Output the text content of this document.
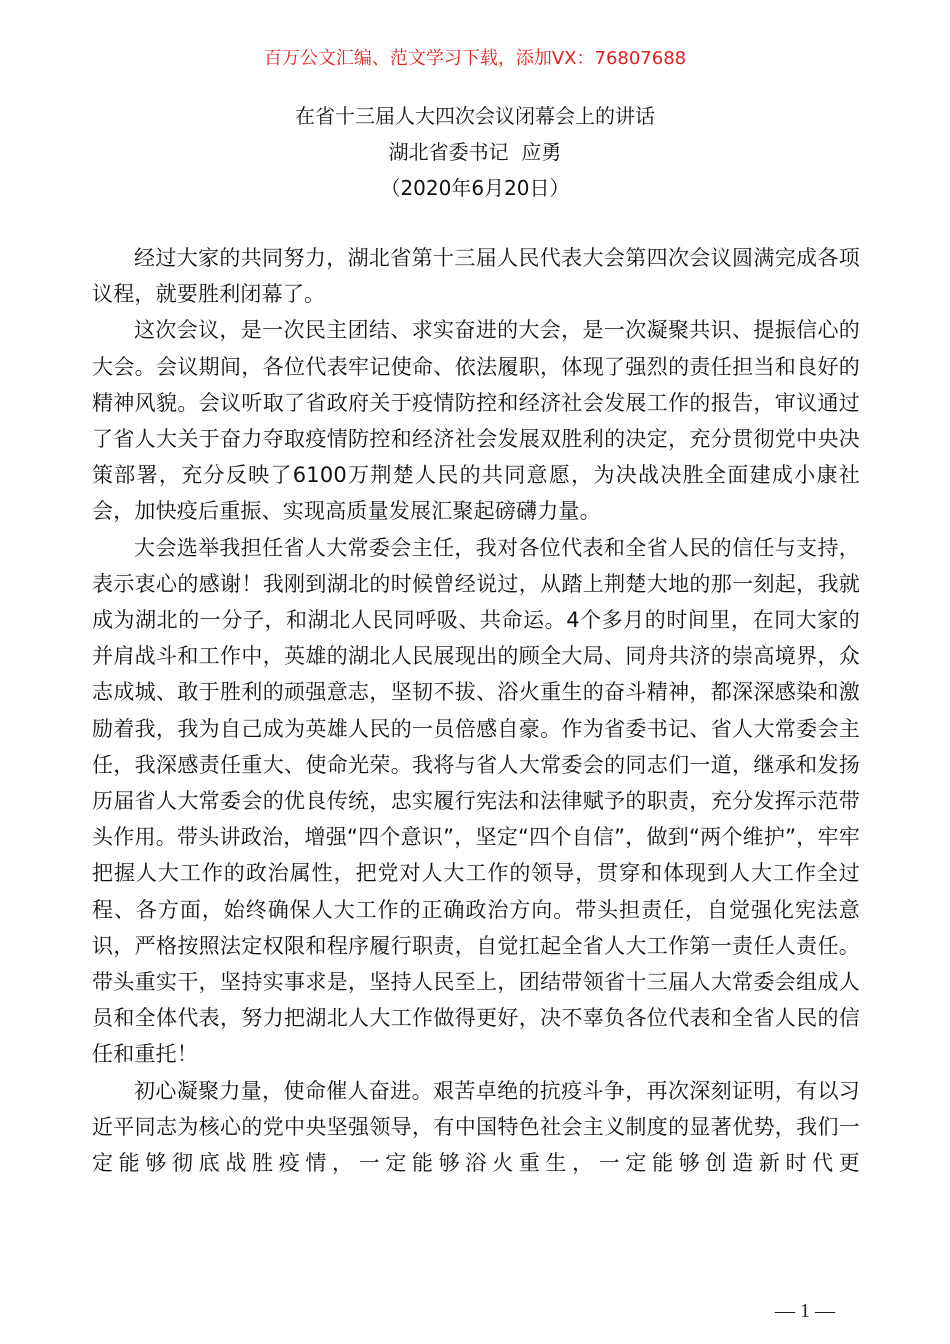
百万公文汇编、范文学习下载，添加VX：76807688
在省十三届人大四次会议闭幕会上的讲话
湖北省委书记  应勇
（2020年6月20日）

经过大家的共同努力，湖北省第十三届人民代表大会第四次会议圆满完成各项议程，就要胜利闭幕了。

这次会议，是一次民主团结、求实奋进的大会，是一次凝聚共识、提振信心的大会。会议期间，各位代表牢记使命、依法履职，体现了强烈的责任担当和良好的精神风貌。会议听取了省政府关于疫情防控和经济社会发展工作的报告，审议通过了省人大关于奋力夺取疫情防控和经济社会发展双胜利的决定，充分贯彻党中央决策部署，充分反映了6100万荆楚人民的共同意愿，为决战决胜全面建成小康社会，加快疫后重振、实现高质量发展汇聚起磅礴力量。

大会选举我担任省人大常委会主任，我对各位代表和全省人民的信任与支持，表示衷心的感谢！我刚到湖北的时候曾经说过，从踏上荆楚大地的那一刻起，我就成为湖北的一分子，和湖北人民同呼吸、共命运。4个多月的时间里，在同大家的并肩战斗和工作中，英雄的湖北人民展现出的顾全大局、同舟共济的崇高境界，众志成城、敢于胜利的顽强意志，坚韧不拔、浴火重生的奋斗精神，都深深感染和激励着我，我为自己成为英雄人民的一员倍感自豪。作为省委书记、省人大常委会主任，我深感责任重大、使命光荣。我将与省人大常委会的同志们一道，继承和发扬历届省人大常委会的优良传统，忠实履行宪法和法律赋予的职责，充分发挥示范带头作用。带头讲政治，增强“四个意识”，坚定“四个自信”，做到“两个维护”，牢牢把握人大工作的政治属性，把党对人大工作的领导，贯穿和体现到人大工作全过程、各方面，始终确保人大工作的正确政治方向。带头担责任，自觉强化宪法意识，严格按照法定权限和程序履行职责，自觉扛起全省人大工作第一责任人责任。带头重实干，坚持实事求是，坚持人民至上，团结带领省十三届人大常委会组成人员和全体代表，努力把湖北人大工作做得更好，决不辜负各位代表和全省人民的信任和重托！

初心凝聚力量，使命催人奋进。艰苦卓绝的抗疫斗争，再次深刻证明，有以习近平同志为核心的党中央坚强领导，有中国特色社会主义制度的显著优势，我们一定能够彻底战胜疫情，一定能够浴火重生，一定能够创造新时代更

— 1 —
